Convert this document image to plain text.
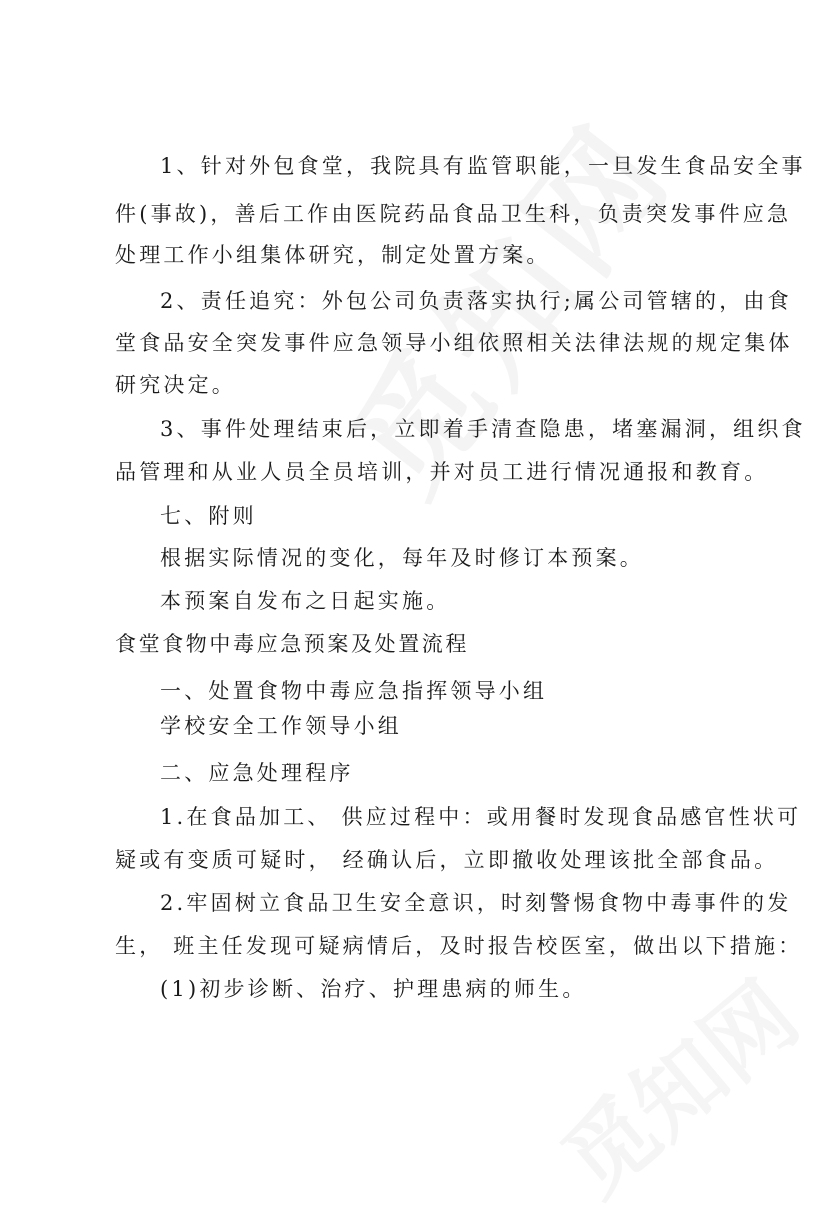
1、针对外包食堂，我院具有监管职能，一旦发生食品安全事
件(事故)，善后工作由医院药品食品卫生科，负责突发事件应急
处理工作小组集体研究，制定处置方案。
2、责任追究：外包公司负责落实执行;属公司管辖的，由食
堂食品安全突发事件应急领导小组依照相关法律法规的规定集体
研究决定。
3、事件处理结束后，立即着手清查隐患，堵塞漏洞，组织食
品管理和从业人员全员培训，并对员工进行情况通报和教育。
七、附则
根据实际情况的变化，每年及时修订本预案。
本预案自发布之日起实施。
食堂食物中毒应急预案及处置流程
一、处置食物中毒应急指挥领导小组
学校安全工作领导小组
二、应急处理程序
1.在食品加工、 供应过程中：或用餐时发现食品感官性状可
疑或有变质可疑时， 经确认后，立即撤收处理该批全部食品。
2.牢固树立食品卫生安全意识，时刻警惕食物中毒事件的发
生， 班主任发现可疑病情后，及时报告校医室，做出以下措施：
(1)初步诊断、治疗、护理患病的师生。
